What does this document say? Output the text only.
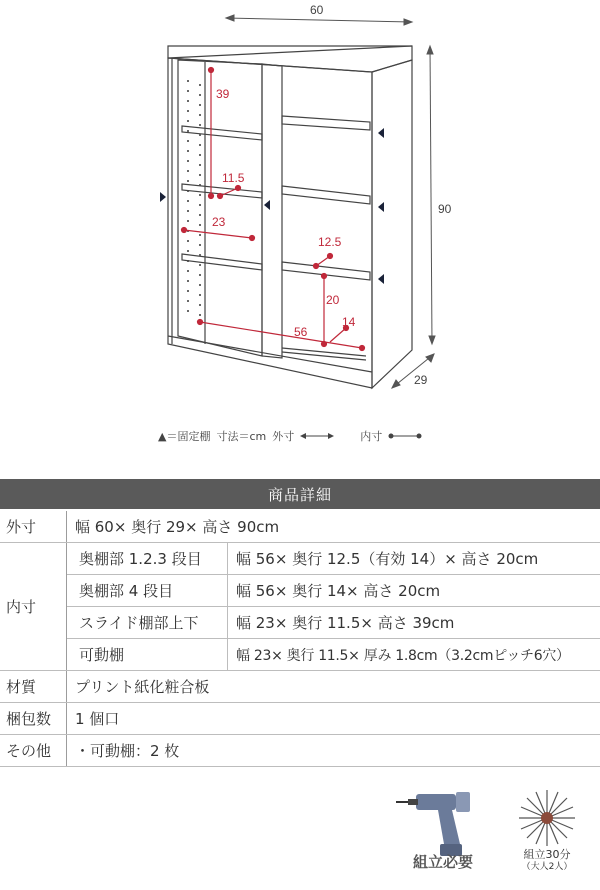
60
90
29
39
11.5
23
12.5
20
14
56
▲＝固定棚 寸法＝cm 外寸	内寸
商品詳細
外寸	幅 60× 奥行 29× 高さ 90cm	
内寸	奥棚部 1.2.3 段目	幅 56× 奥行 12.5（有効 14）× 高さ 20cm
	奥棚部 4 段目	幅 56× 奥行 14× 高さ 20cm
	スライド棚部上下	幅 23× 奥行 11.5× 高さ 39cm
	可動棚	幅 23× 奥行 11.5× 厚み 1.8cm（3.2cmピッチ6穴）
材質	プリント紙化粧合板	
梱包数	1 個口	
その他	・可動棚：2 枚	
組立必要	組立30分
（大人2人）
